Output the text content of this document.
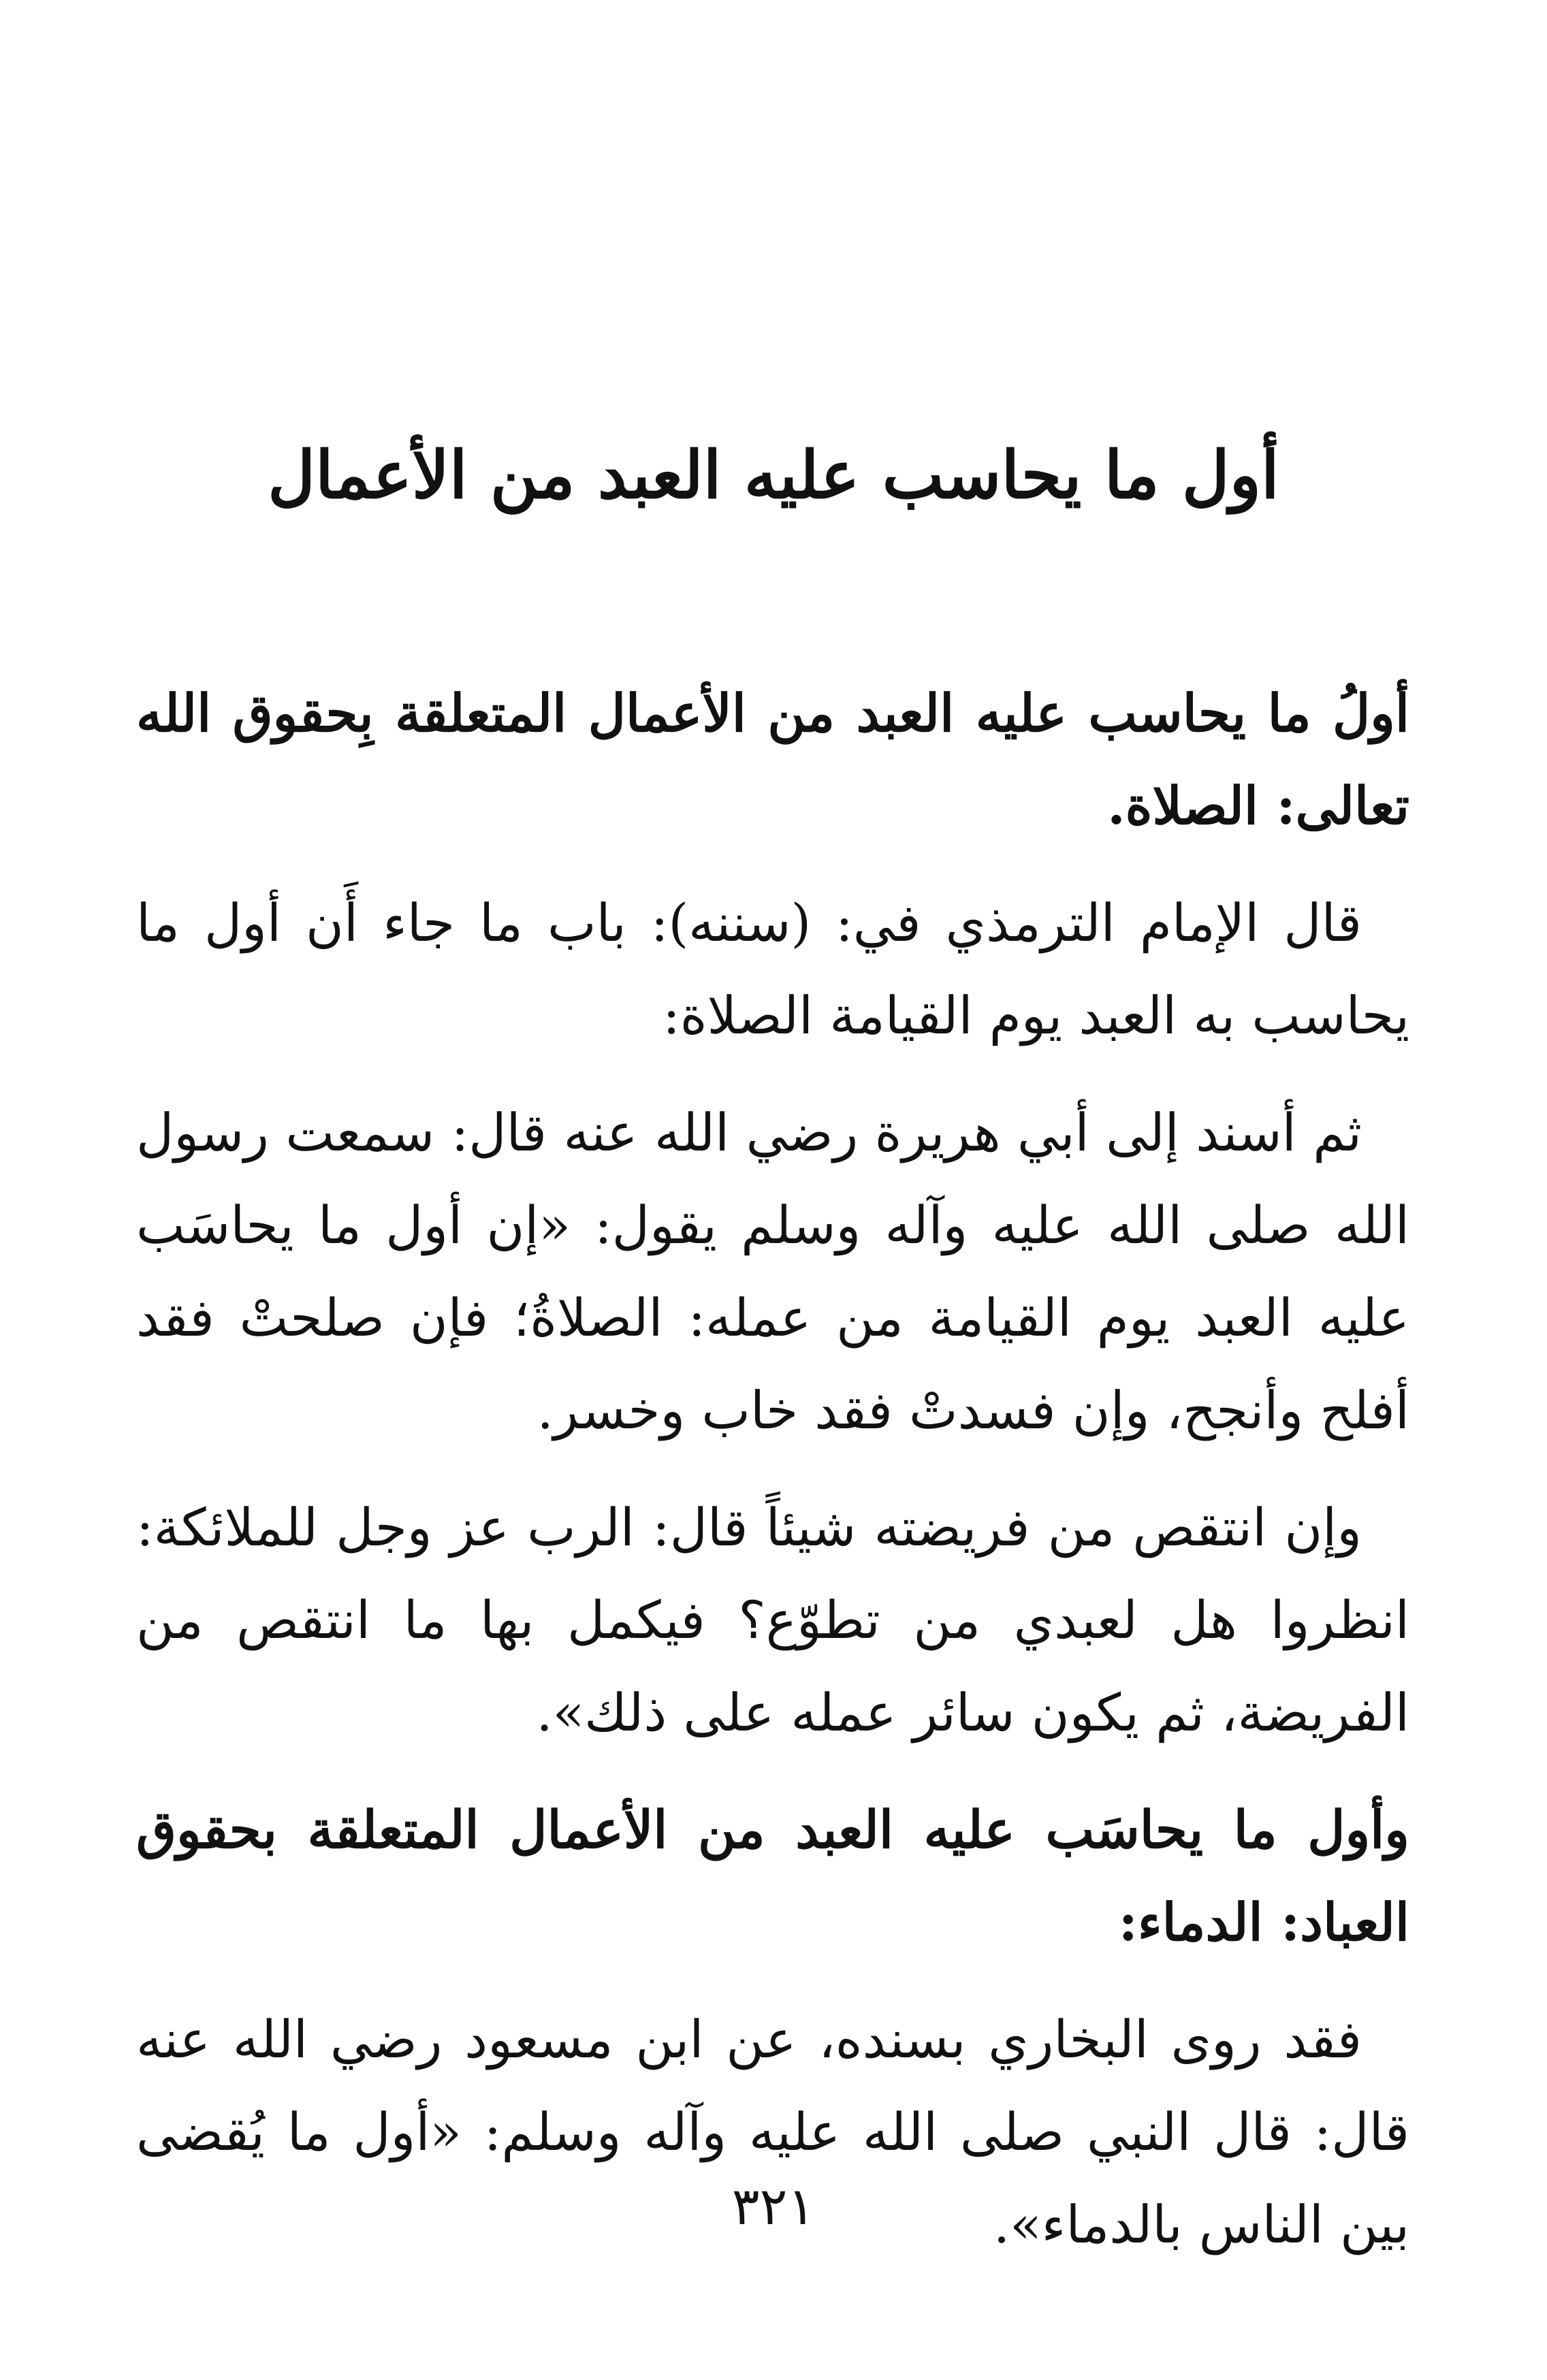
أول ما يحاسب عليه العبد من الأعمال

أولُ ما يحاسب عليه العبد من الأعمال المتعلقة بِحقوق الله تعالى: الصلاة.

قال الإمام الترمذي في: (سننه): باب ما جاء أَن أول ما يحاسب به العبد يوم القيامة الصلاة:

ثم أسند إلى أبي هريرة رضي الله عنه قال: سمعت رسول الله صلى الله عليه وآله وسلم يقول: «إن أول ما يحاسَب عليه العبد يوم القيامة من عمله: الصلاةُ؛ فإن صلحتْ فقد أفلح وأنجح، وإن فسدتْ فقد خاب وخسر.

وإن انتقص من فريضته شيئاً قال: الرب عز وجل للملائكة: انظروا هل لعبدي من تطوّع؟ فيكمل بها ما انتقص من الفريضة، ثم يكون سائر عمله على ذلك».

وأول ما يحاسَب عليه العبد من الأعمال المتعلقة بحقوق العباد: الدماء:

فقد روى البخاري بسنده، عن ابن مسعود رضي الله عنه قال: قال النبي صلى الله عليه وآله وسلم: «أول ما يُقضى بين الناس بالدماء».

٣٢١
